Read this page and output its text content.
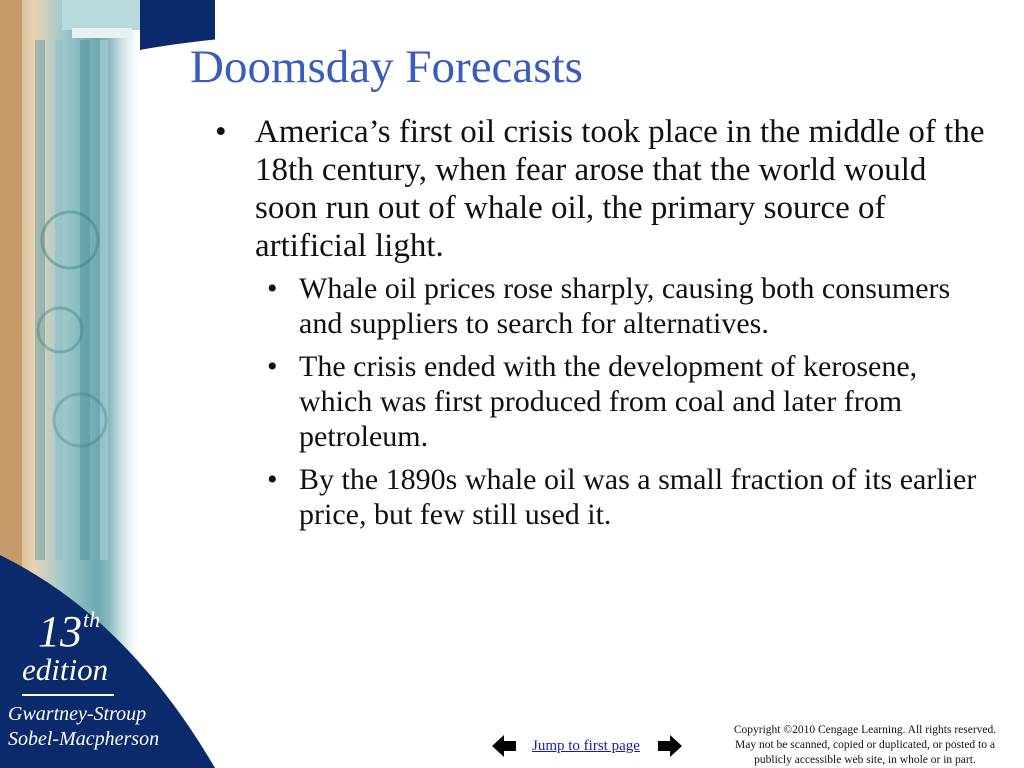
Doomsday Forecasts
• America’s first oil crisis took place in the middle of the 18th century, when fear arose that the world would soon run out of whale oil, the primary source of artificial light.
• Whale oil prices rose sharply, causing both consumers and suppliers to search for alternatives.
• The crisis ended with the development of kerosene, which was first produced from coal and later from petroleum.
• By the 1890s whale oil was a small fraction of its earlier price, but few still used it.
13 th
edition
Gwartney-Stroup
Sobel-Macpherson	Jump to first page
Copyright ©2010 Cengage Learning. All rights reserved.
May not be scanned, copied or duplicated, or posted to a
publicly accessible web site, in whole or in part.
